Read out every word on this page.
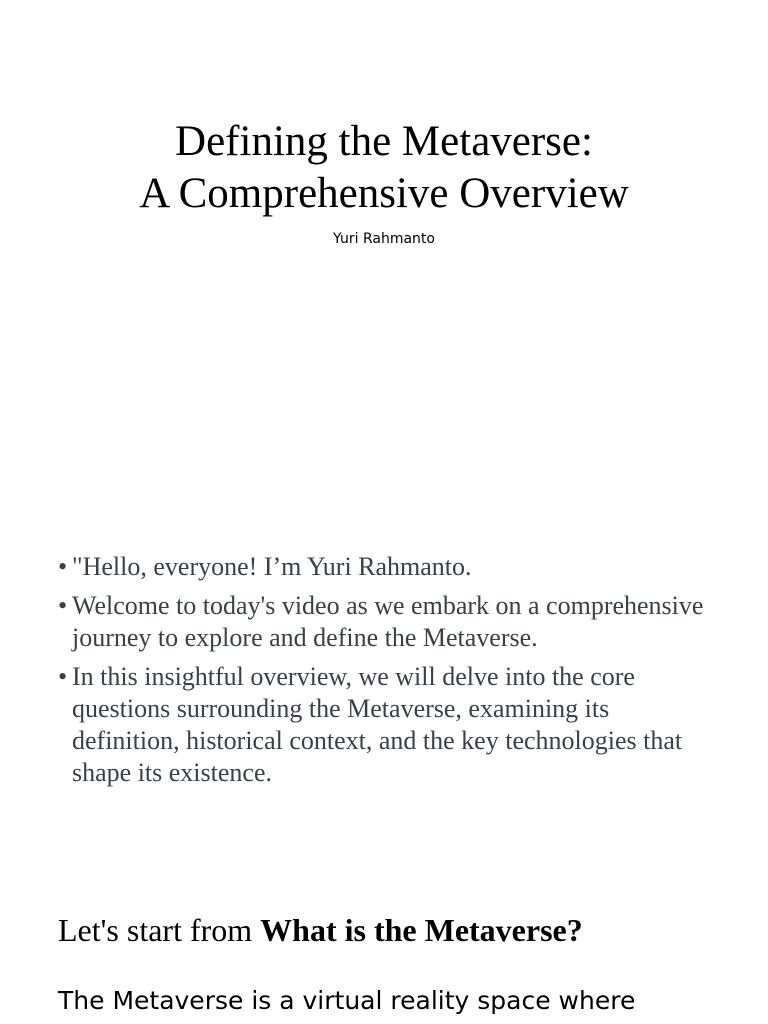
Defining the Metaverse:
A Comprehensive Overview
Yuri Rahmanto
• "Hello, everyone! I’m Yuri Rahmanto.
• Welcome to today's video as we embark on a comprehensive journey to explore and define the Metaverse.
• In this insightful overview, we will delve into the core questions surrounding the Metaverse, examining its definition, historical context, and the key technologies that shape its existence.
Let's start from What is the Metaverse?
The Metaverse is a virtual reality space where
